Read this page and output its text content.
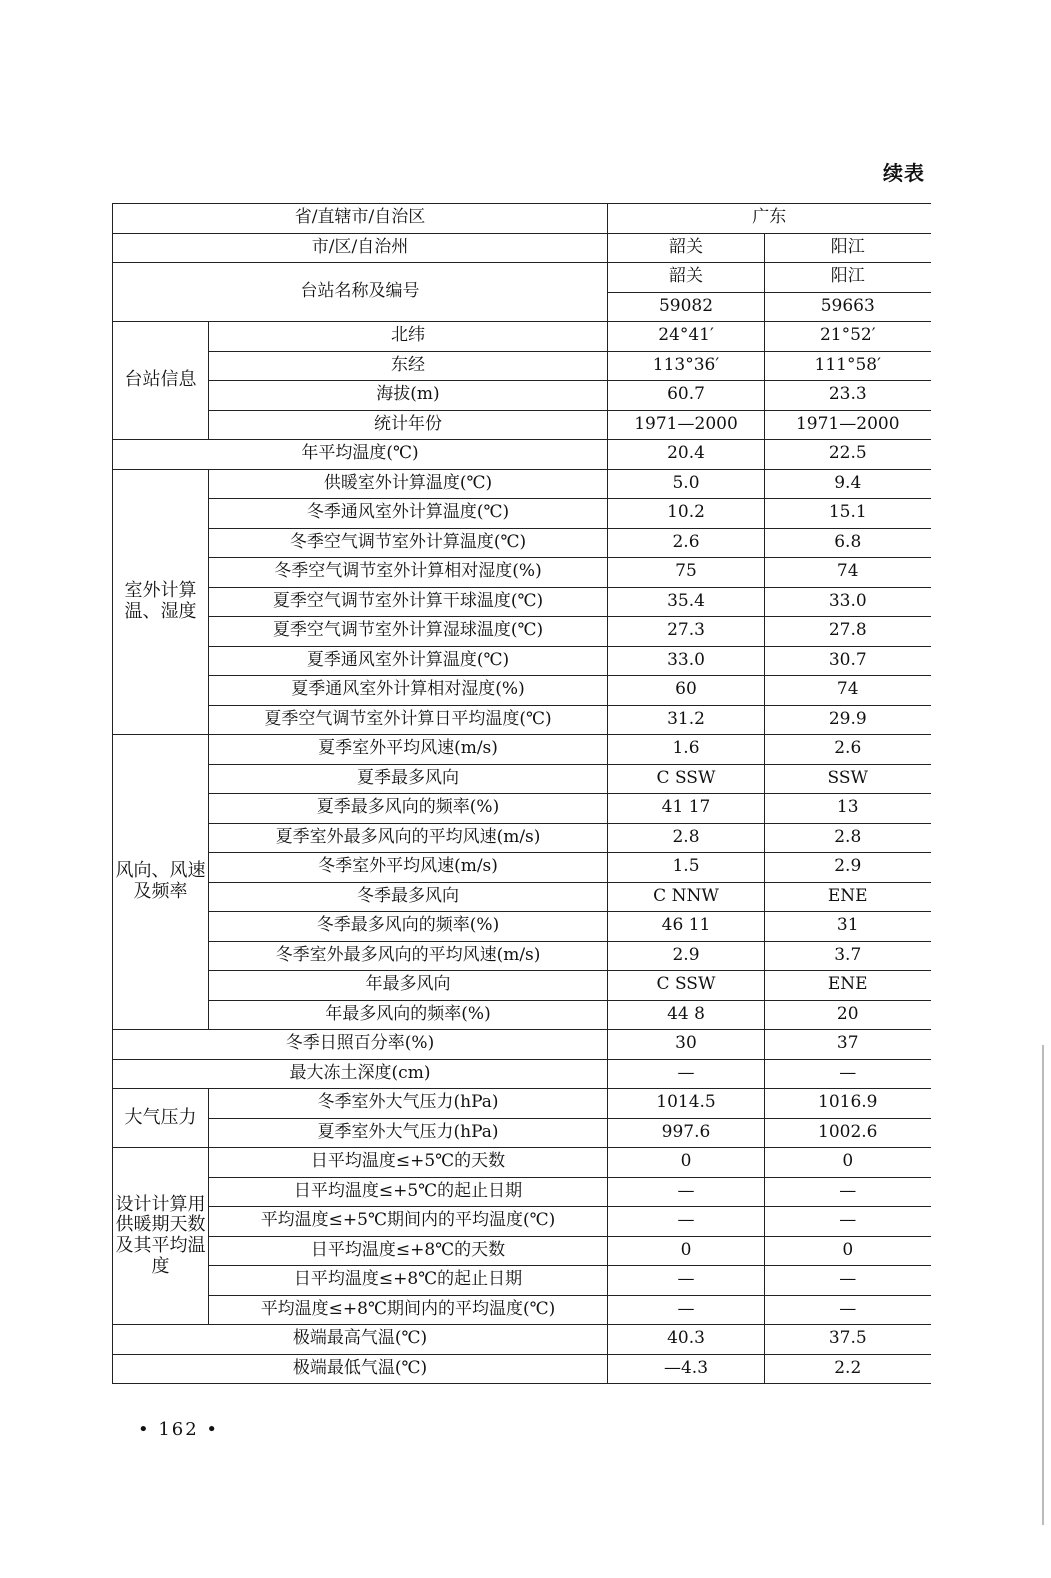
续表
省/直辖市/自治区		广东	
市/区/自治州		韶关	阳江
台站名称及编号		韶关	阳江
		59082	59663
台站信息	北纬	24°41′	21°52′
	东经	113°36′	111°58′
	海拔(m)	60.7	23.3
	统计年份	1971—2000	1971—2000
年平均温度(℃)		20.4	22.5
室外计算温、湿度	供暖室外计算温度(℃)	5.0	9.4
	冬季通风室外计算温度(℃)	10.2	15.1
	冬季空气调节室外计算温度(℃)	2.6	6.8
	冬季空气调节室外计算相对湿度(%)	75	74
	夏季空气调节室外计算干球温度(℃)	35.4	33.0
	夏季空气调节室外计算湿球温度(℃)	27.3	27.8
	夏季通风室外计算温度(℃)	33.0	30.7
	夏季通风室外计算相对湿度(%)	60	74
	夏季空气调节室外计算日平均温度(℃)	31.2	29.9
风向、风速及频率	夏季室外平均风速(m/s)	1.6	2.6
	夏季最多风向	C SSW	SSW
	夏季最多风向的频率(%)	41 17	13
	夏季室外最多风向的平均风速(m/s)	2.8	2.8
	冬季室外平均风速(m/s)	1.5	2.9
	冬季最多风向	C NNW	ENE
	冬季最多风向的频率(%)	46 11	31
	冬季室外最多风向的平均风速(m/s)	2.9	3.7
	年最多风向	C SSW	ENE
	年最多风向的频率(%)	44 8	20
冬季日照百分率(%)		30	37
最大冻土深度(cm)		—	—
大气压力	冬季室外大气压力(hPa)	1014.5	1016.9
	夏季室外大气压力(hPa)	997.6	1002.6
设计计算用供暖期天数及其平均温度	日平均温度≤+5℃的天数	0	0
	日平均温度≤+5℃的起止日期	—	—
	平均温度≤+5℃期间内的平均温度(℃)	—	—
	日平均温度≤+8℃的天数	0	0
	日平均温度≤+8℃的起止日期	—	—
	平均温度≤+8℃期间内的平均温度(℃)	—	—
极端最高气温(℃)		40.3	37.5
极端最低气温(℃)		—4.3	2.2
• 162 •
